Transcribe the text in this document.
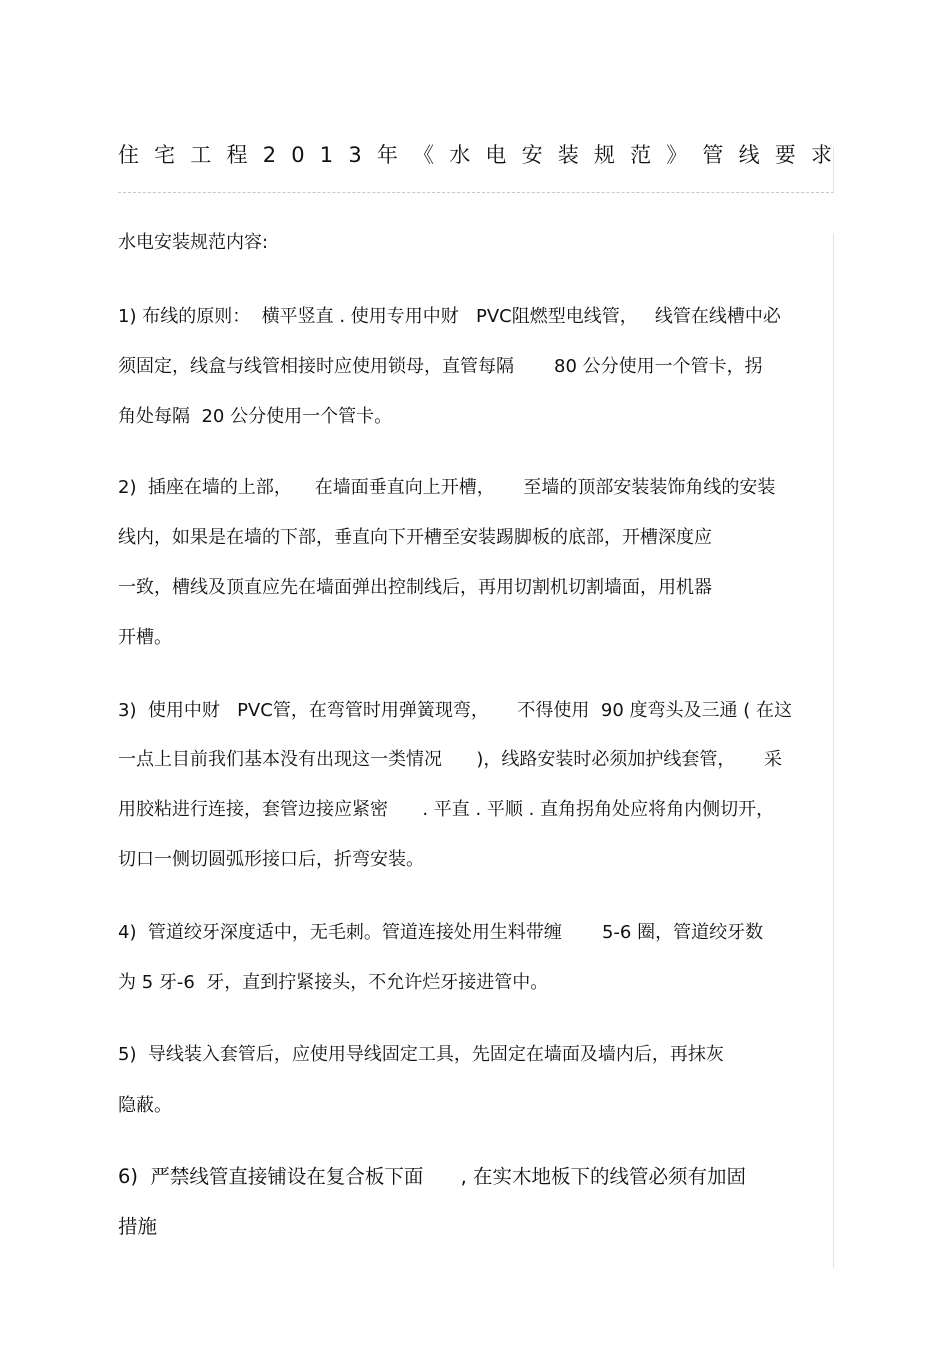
住 宅 工 程 2 0 1 3 年 《 水 电 安 装 规 范 》 管 线 要 求
水电安装规范内容:
1) 布线的原则：  横平竖直 . 使用专用中财   PVC阻燃型电线管，   线管在线槽中必
须固定，线盒与线管相接时应使用锁母，直管每隔       80 公分使用一个管卡，拐
角处每隔  20 公分使用一个管卡。
2)  插座在墙的上部，    在墙面垂直向上开槽，     至墙的顶部安装装饰角线的安装
线内，如果是在墙的下部，垂直向下开槽至安装踢脚板的底部，开槽深度应
一致，槽线及顶直应先在墙面弹出控制线后，再用切割机切割墙面，用机器
开槽。
3)  使用中财   PVC管，在弯管时用弹簧现弯，     不得使用  90 度弯头及三通 ( 在这
一点上目前我们基本没有出现这一类情况      )，线路安装时必须加护线套管，     采
用胶粘进行连接，套管边接应紧密      . 平直 . 平顺 . 直角拐角处应将角内侧切开，
切口一侧切圆弧形接口后，折弯安装。
4)  管道绞牙深度适中，无毛刺。管道连接处用生料带缠       5-6 圈，管道绞牙数
为 5 牙-6  牙，直到拧紧接头，不允许烂牙接进管中。
5)  导线装入套管后，应使用导线固定工具，先固定在墙面及墙内后，再抹灰
隐蔽。
6)  严禁线管直接铺设在复合板下面      , 在实木地板下的线管必须有加固
措施
